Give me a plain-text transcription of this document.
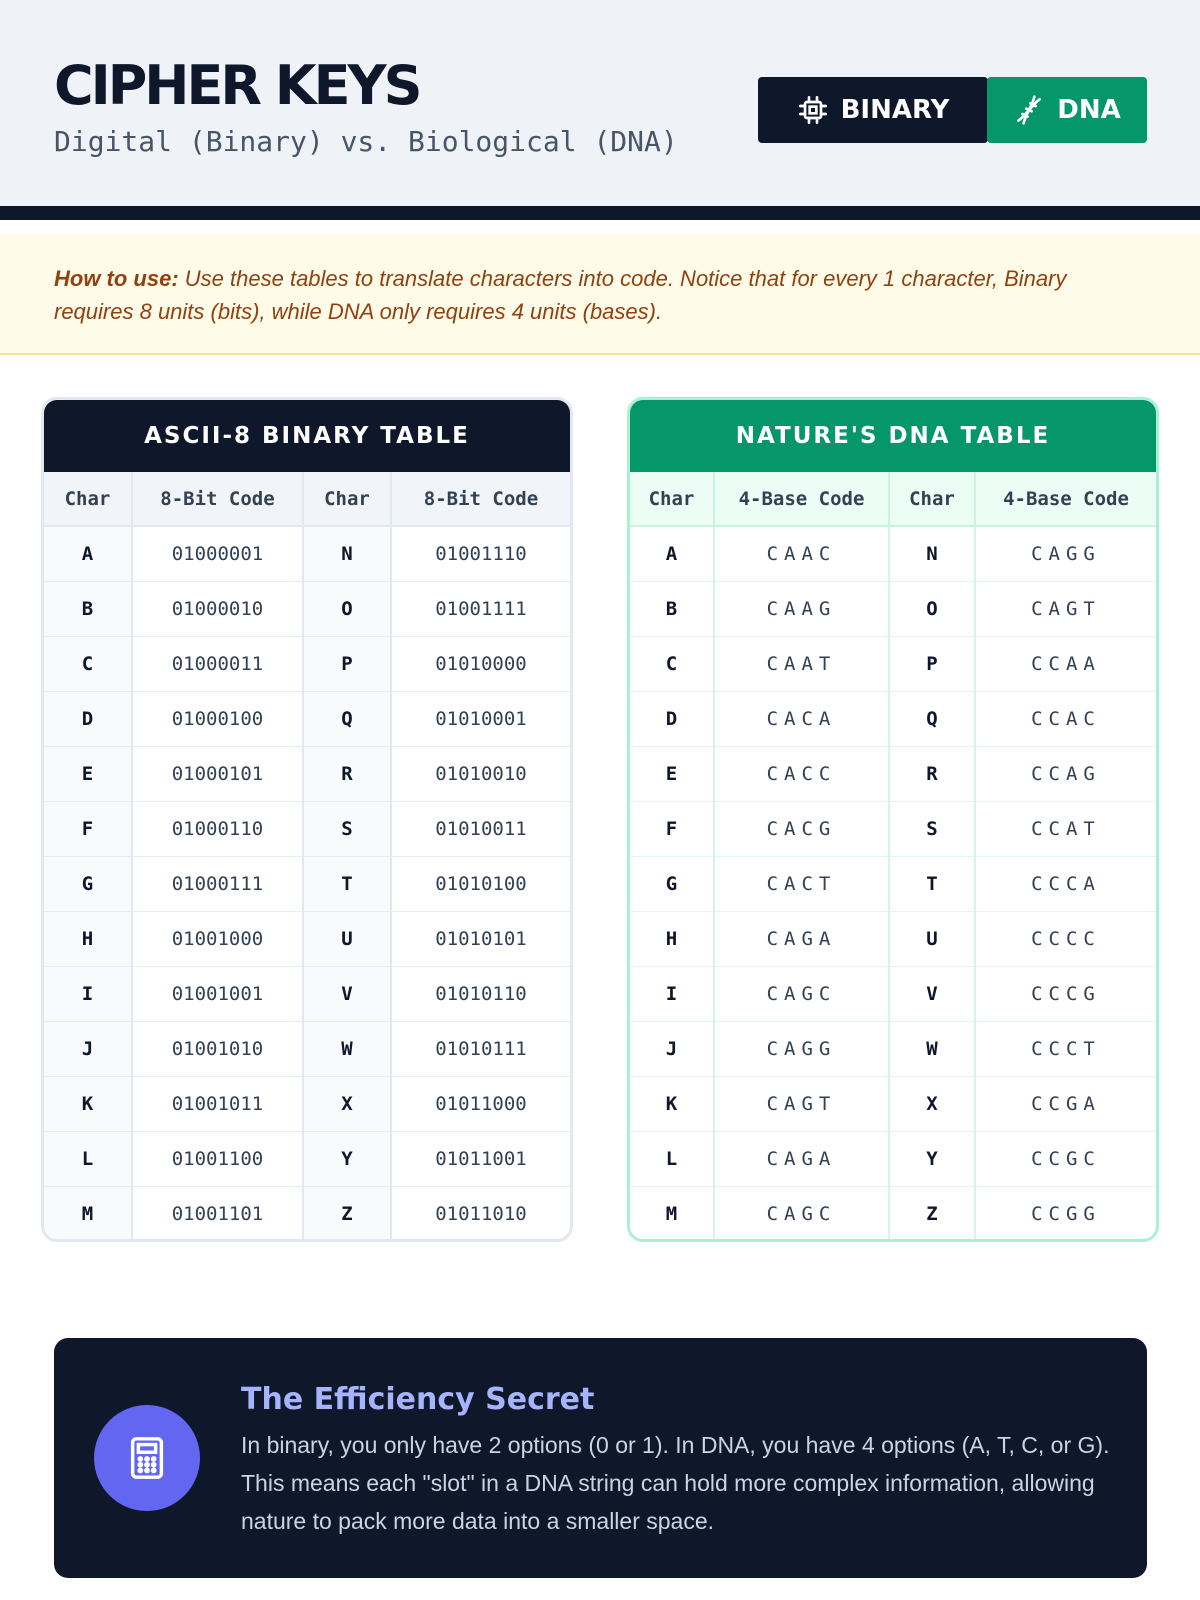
CIPHER KEYS
Digital (Binary) vs. Biological (DNA)
BINARY	DNA
How to use: Use these tables to translate characters into code. Notice that for every 1 character, Binary requires 8 units (bits), while DNA only requires 4 units (bases).
ASCII-8 BINARY TABLE
Char	8-Bit Code	Char	8-Bit Code
A	01000001	N	01001110
B	01000010	O	01001111
C	01000011	P	01010000
D	01000100	Q	01010001
E	01000101	R	01010010
F	01000110	S	01010011
G	01000111	T	01010100
H	01001000	U	01010101
I	01001001	V	01010110
J	01001010	W	01010111
K	01001011	X	01011000
L	01001100	Y	01011001
M	01001101	Z	01011010
NATURE'S DNA TABLE
Char	4-Base Code	Char	4-Base Code
A	CAAC	N	CAGG
B	CAAG	O	CAGT
C	CAAT	P	CCAA
D	CACA	Q	CCAC
E	CACC	R	CCAG
F	CACG	S	CCAT
G	CACT	T	CCCA
H	CAGA	U	CCCC
I	CAGC	V	CCCG
J	CAGG	W	CCCT
K	CAGT	X	CCGA
L	CAGA	Y	CCGC
M	CAGC	Z	CCGG
The Efficiency Secret
In binary, you only have 2 options (0 or 1). In DNA, you have 4 options (A, T, C, or G). This means each "slot" in a DNA string can hold more complex information, allowing nature to pack more data into a smaller space.
